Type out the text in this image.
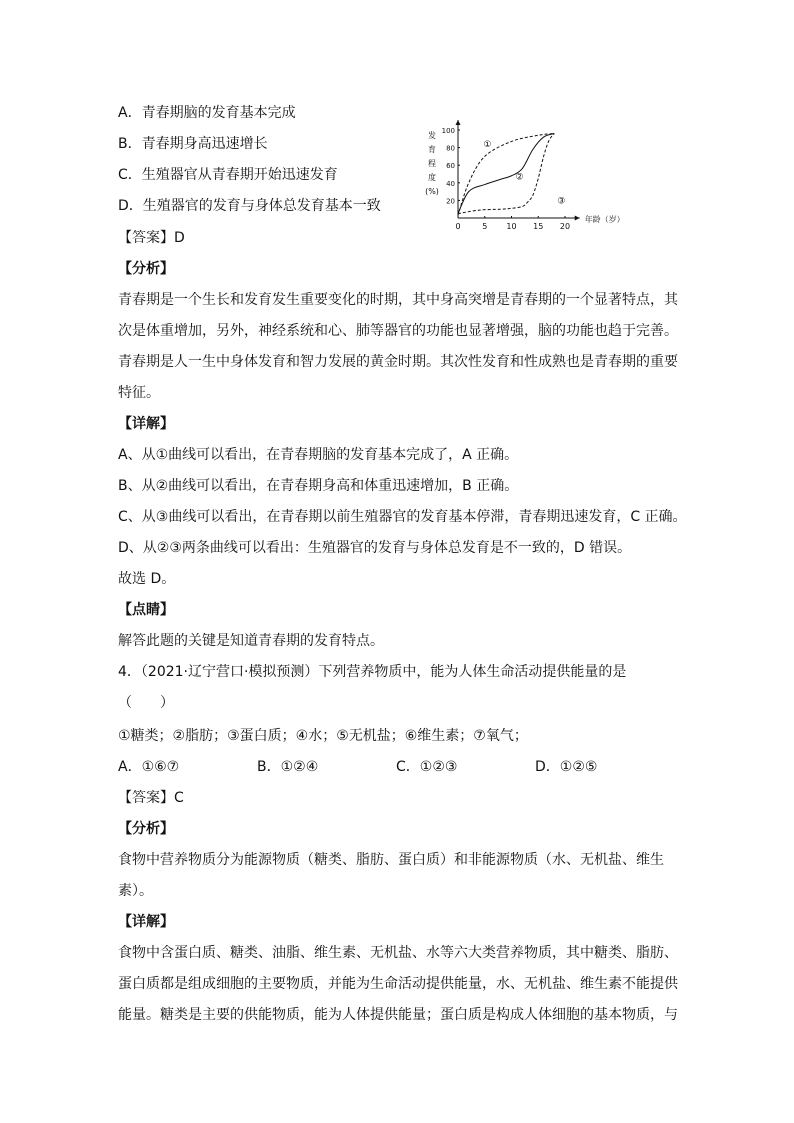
A．青春期脑的发育基本完成
B．青春期身高迅速增长
C．生殖器官从青春期开始迅速发育
D．生殖器官的发育与身体总发育基本一致
0	5 10 15 20
20
40
60
80
100
年龄（岁）
发
育
程
度
(%)
①
②
③
【答案】D
【分析】
青春期是一个生长和发育发生重要变化的时期，其中身高突增是青春期的一个显著特点，其
次是体重增加，另外，神经系统和心、肺等器官的功能也显著增强，脑的功能也趋于完善。
青春期是人一生中身体发育和智力发展的黄金时期。其次性发育和性成熟也是青春期的重要
特征。
【详解】
A、从①曲线可以看出，在青春期脑的发育基本完成了，A 正确。
B、从②曲线可以看出，在青春期身高和体重迅速增加，B 正确。
C、从③曲线可以看出，在青春期以前生殖器官的发育基本停滞，青春期迅速发育，C 正确。
D、从②③两条曲线可以看出：生殖器官的发育与身体总发育是不一致的，D 错误。
故选 D。
【点睛】
解答此题的关键是知道青春期的发育特点。
4．（2021·辽宁营口·模拟预测）下列营养物质中，能为人体生命活动提供能量的是
（　　）
①糖类；②脂肪；③蛋白质；④水；⑤无机盐；⑥维生素；⑦氧气；
A．①⑥⑦	B．①②④	C．①②③	D．①②⑤
【答案】C
【分析】
食物中营养物质分为能源物质（糖类、脂肪、蛋白质）和非能源物质（水、无机盐、维生
素）。
【详解】
食物中含蛋白质、糖类、油脂、维生素、无机盐、水等六大类营养物质，其中糖类、脂肪、
蛋白质都是组成细胞的主要物质，并能为生命活动提供能量，水、无机盐、维生素不能提供
能量。糖类是主要的供能物质，能为人体提供能量；蛋白质是构成人体细胞的基本物质，与
